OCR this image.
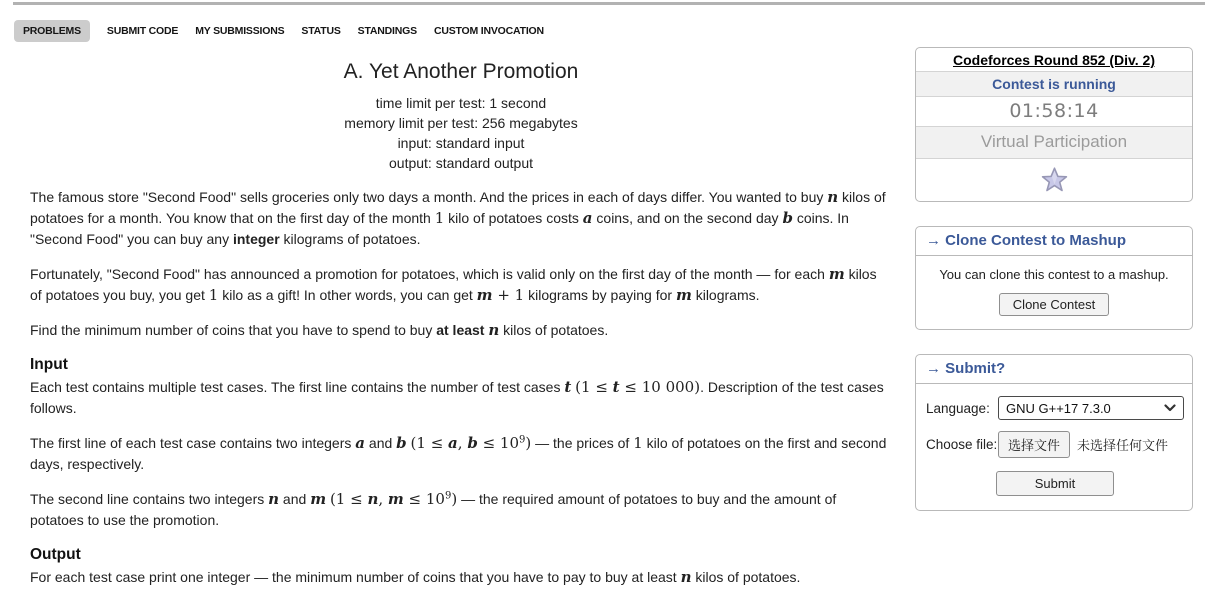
PROBLEMS	SUBMIT CODE MY SUBMISSIONS STATUS STANDINGS CUSTOM INVOCATION
A. Yet Another Promotion
time limit per test: 1 second
memory limit per test: 256 megabytes
input: standard input
output: standard output

The famous store "Second Food" sells groceries only two days a month. And the prices in each of days differ. You wanted to buy n kilos of potatoes for a month. You know that on the first day of the month 1 kilo of potatoes costs a coins, and on the second day b coins. In "Second Food" you can buy any integer kilograms of potatoes.

Fortunately, "Second Food" has announced a promotion for potatoes, which is valid only on the first day of the month — for each m kilos of potatoes you buy, you get 1 kilo as a gift! In other words, you can get m + 1 kilograms by paying for m kilograms.

Find the minimum number of coins that you have to spend to buy at least n kilos of potatoes.

Input

Each test contains multiple test cases. The first line contains the number of test cases t (1 ≤ t ≤ 10 000). Description of the test cases follows.

The first line of each test case contains two integers a and b (1 ≤ a, $b \le 10^9$) — the prices of 1 kilo of potatoes on the first and second days, respectively.

The second line contains two integers n and m (1 ≤ n, $m \le 10^9$) — the required amount of potatoes to buy and the amount of potatoes to use the promotion.

Output

For each test case print one integer — the minimum number of coins that you have to pay to buy at least n kilos of potatoes.

Codeforces Round 852 (Div. 2)
Contest is running
01:58:14
Virtual Participation
→ Clone Contest to Mashup
You can clone this contest to a mashup.
Clone Contest
→ Submit?
Language:	GNU G++17 7.3.0
Choose file: 选择文件	未选择任何文件
Submit
